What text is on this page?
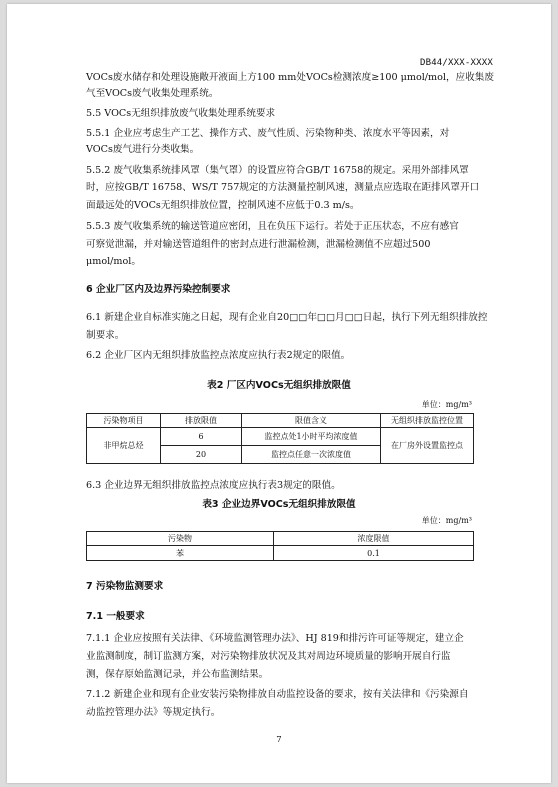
DB44/XXX-XXXX
VOCs废水储存和处理设施敞开液面上方100 mm处VOCs检测浓度≥100 μmol/mol，应收集废
气至VOCs废气收集处理系统。
5.5 VOCs无组织排放废气收集处理系统要求
5.5.1 企业应考虑生产工艺、操作方式、废气性质、污染物种类、浓度水平等因素，对
VOCs废气进行分类收集。
5.5.2 废气收集系统排风罩（集气罩）的设置应符合GB/T 16758的规定。采用外部排风罩
时，应按GB/T 16758、WS/T 757规定的方法测量控制风速，测量点应选取在距排风罩开口
面最远处的VOCs无组织排放位置，控制风速不应低于0.3 m/s。
5.5.3 废气收集系统的输送管道应密闭，且在负压下运行。若处于正压状态，不应有感官
可察觉泄漏，并对输送管道组件的密封点进行泄漏检测，泄漏检测值不应超过500
μmol/mol。
6 企业厂区内及边界污染控制要求
6.1 新建企业自标准实施之日起，现有企业自20□□年□□月□□日起，执行下列无组织排放控
制要求。
6.2 企业厂区内无组织排放监控点浓度应执行表2规定的限值。
表2 厂区内VOCs无组织排放限值
单位：mg/m³
污染物项目	排放限值	限值含义	无组织排放监控位置
非甲烷总烃	6	监控点处1小时平均浓度值	在厂房外设置监控点
	20	监控点任意一次浓度值	
6.3 企业边界无组织排放监控点浓度应执行表3规定的限值。
表3 企业边界VOCs无组织排放限值
单位：mg/m³
污染物	浓度限值
苯	0.1
7 污染物监测要求
7.1 一般要求
7.1.1 企业应按照有关法律、《环境监测管理办法》、HJ 819和排污许可证等规定，建立企
业监测制度，制订监测方案，对污染物排放状况及其对周边环境质量的影响开展自行监
测，保存原始监测记录，并公布监测结果。
7.1.2 新建企业和现有企业安装污染物排放自动监控设备的要求，按有关法律和《污染源自
动监控管理办法》等规定执行。
7
